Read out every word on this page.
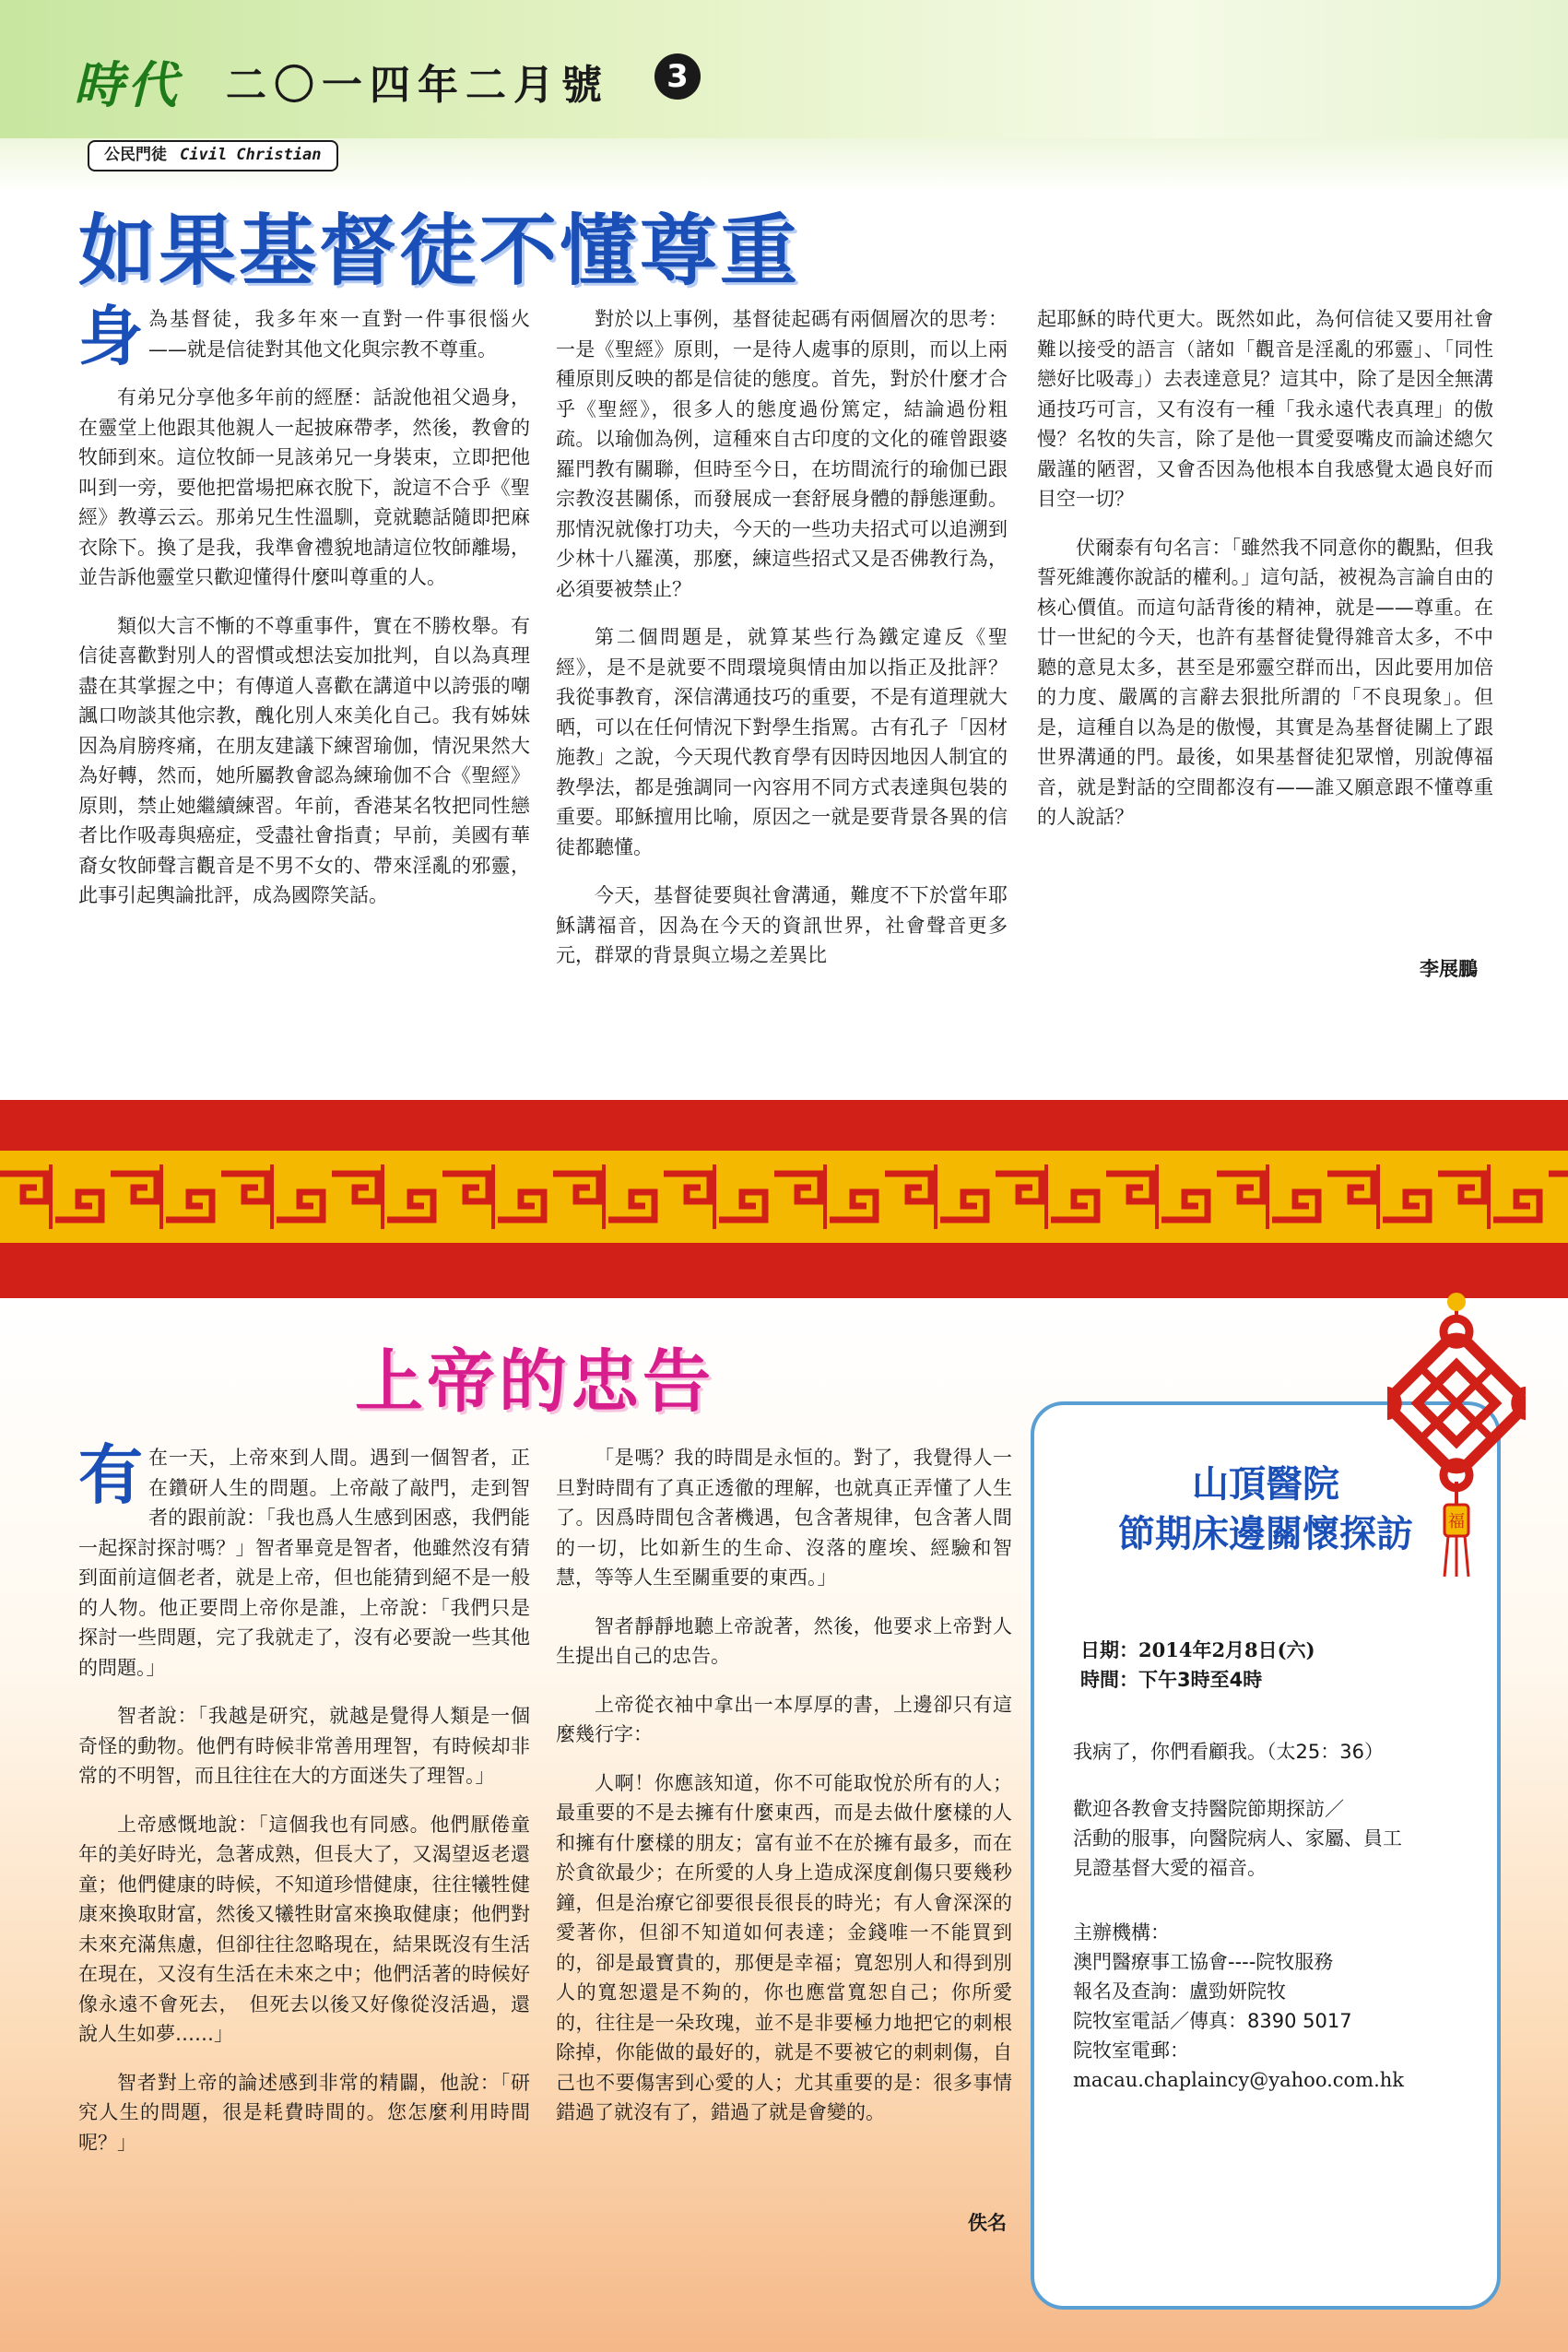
時代 二〇一四年二月號	3
公民門徒 Civil Christian
如果基督徒不懂尊重

身為基督徒，我多年來一直對一件事很惱火——就是信徒對其他文化與宗教不尊重。

有弟兄分享他多年前的經歷：話說他祖父過身，在靈堂上他跟其他親人一起披麻帶孝，然後，教會的牧師到來。這位牧師一見該弟兄一身裝束，立即把他叫到一旁，要他把當場把麻衣脫下，說這不合乎《聖經》教導云云。那弟兄生性溫馴，竟就聽話隨即把麻衣除下。換了是我，我準會禮貌地請這位牧師離場，並告訴他靈堂只歡迎懂得什麼叫尊重的人。

類似大言不慚的不尊重事件，實在不勝枚舉。有信徒喜歡對別人的習慣或想法妄加批判，自以為真理盡在其掌握之中；有傳道人喜歡在講道中以誇張的嘲諷口吻談其他宗教，醜化別人來美化自己。我有姊妹因為肩膀疼痛，在朋友建議下練習瑜伽，情況果然大為好轉，然而，她所屬教會認為練瑜伽不合《聖經》原則，禁止她繼續練習。年前，香港某名牧把同性戀者比作吸毒與癌症，受盡社會指責；早前，美國有華裔女牧師聲言觀音是不男不女的、帶來淫亂的邪靈，此事引起輿論批評，成為國際笑話。

對於以上事例，基督徒起碼有兩個層次的思考：一是《聖經》原則，一是待人處事的原則，而以上兩種原則反映的都是信徒的態度。首先，對於什麼才合乎《聖經》，很多人的態度過份篤定，結論過份粗疏。以瑜伽為例，這種來自古印度的文化的確曾跟婆羅門教有關聯，但時至今日，在坊間流行的瑜伽已跟宗教沒甚關係，而發展成一套舒展身體的靜態運動。那情況就像打功夫，今天的一些功夫招式可以追溯到少林十八羅漢，那麼，練這些招式又是否佛教行為，必須要被禁止？

第二個問題是，就算某些行為鐵定違反《聖經》，是不是就要不問環境與情由加以指正及批評？我從事教育，深信溝通技巧的重要，不是有道理就大晒，可以在任何情況下對學生指罵。古有孔子「因材施教」之說，今天現代教育學有因時因地因人制宜的教學法，都是強調同一內容用不同方式表達與包裝的重要。耶穌擅用比喻，原因之一就是要背景各異的信徒都聽懂。

今天，基督徒要與社會溝通，難度不下於當年耶穌講福音，因為在今天的資訊世界，社會聲音更多元，群眾的背景與立場之差異比

起耶穌的時代更大。既然如此，為何信徒又要用社會難以接受的語言（諸如「觀音是淫亂的邪靈」、「同性戀好比吸毒」）去表達意見？這其中，除了是因全無溝通技巧可言，又有沒有一種「我永遠代表真理」的傲慢？名牧的失言，除了是他一貫愛耍嘴皮而論述總欠嚴謹的陋習，又會否因為他根本自我感覺太過良好而目空一切？

伏爾泰有句名言：「雖然我不同意你的觀點，但我誓死維護你說話的權利。」這句話，被視為言論自由的核心價值。而這句話背後的精神，就是——尊重。在廿一世紀的今天，也許有基督徒覺得雜音太多，不中聽的意見太多，甚至是邪靈空群而出，因此要用加倍的力度、嚴厲的言辭去狠批所謂的「不良現象」。但是，這種自以為是的傲慢，其實是為基督徒關上了跟世界溝通的門。最後，如果基督徒犯眾憎，別說傳福音，就是對話的空間都沒有——誰又願意跟不懂尊重的人說話？

李展鵬
上帝的忠告

有在一天，上帝來到人間。遇到一個智者，正在鑽研人生的問題。上帝敲了敲門，走到智者的跟前說：「我也爲人生感到困惑，我們能一起探討探討嗎？」智者畢竟是智者，他雖然沒有猜到面前這個老者，就是上帝，但也能猜到絕不是一般的人物。他正要問上帝你是誰，上帝說：「我們只是探討一些問題，完了我就走了，沒有必要說一些其他的問題。」

智者說：「我越是研究，就越是覺得人類是一個奇怪的動物。他們有時候非常善用理智，有時候却非常的不明智，而且往往在大的方面迷失了理智。」

上帝感慨地說：「這個我也有同感。他們厭倦童年的美好時光，急著成熟，但長大了，又渴望返老還童；他們健康的時候，不知道珍惜健康，往往犧牲健康來換取財富，然後又犧牲財富來換取健康；他們對未來充滿焦慮，但卻往往忽略現在，結果既沒有生活在現在，又沒有生活在未來之中；他們活著的時候好像永遠不會死去，　但死去以後又好像從沒活過，還說人生如夢……」

智者對上帝的論述感到非常的精闢，他說：「研究人生的問題，很是耗費時間的。您怎麼利用時間呢？」

「是嗎？我的時間是永恒的。對了，我覺得人一旦對時間有了真正透徹的理解，也就真正弄懂了人生了。因爲時間包含著機遇，包含著規律，包含著人間的一切，比如新生的生命、沒落的塵埃、經驗和智慧，等等人生至關重要的東西。」

智者靜靜地聽上帝說著，然後，他要求上帝對人生提出自己的忠告。

上帝從衣袖中拿出一本厚厚的書，上邊卻只有這麼幾行字：

人啊！你應該知道，你不可能取悅於所有的人；最重要的不是去擁有什麼東西，而是去做什麼樣的人和擁有什麼樣的朋友；富有並不在於擁有最多，而在於貪欲最少；在所愛的人身上造成深度創傷只要幾秒鐘，但是治療它卻要很長很長的時光；有人會深深的愛著你，但卻不知道如何表達；金錢唯一不能買到的，卻是最寶貴的，那便是幸福；寬恕別人和得到別人的寬恕還是不夠的，你也應當寬恕自己；你所愛的，往往是一朵玫瑰，並不是非要極力地把它的刺根除掉，你能做的最好的，就是不要被它的刺刺傷，自己也不要傷害到心愛的人；尤其重要的是：很多事情錯過了就沒有了，錯過了就是會變的。

佚名
山頂醫院
節期床邊關懷探訪
日期：2014年2月8日(六)
時間：下午3時至4時
我病了，你們看顧我。（太25：36）
歡迎各教會支持醫院節期探訪／
活動的服事，向醫院病人、家屬、員工
見證基督大愛的福音。
主辦機構：
澳門醫療事工協會----院牧服務
報名及查詢：盧勁妍院牧
院牧室電話／傳真：8390 5017
院牧室電郵：
macau.chaplaincy@yahoo.com.hk
福
